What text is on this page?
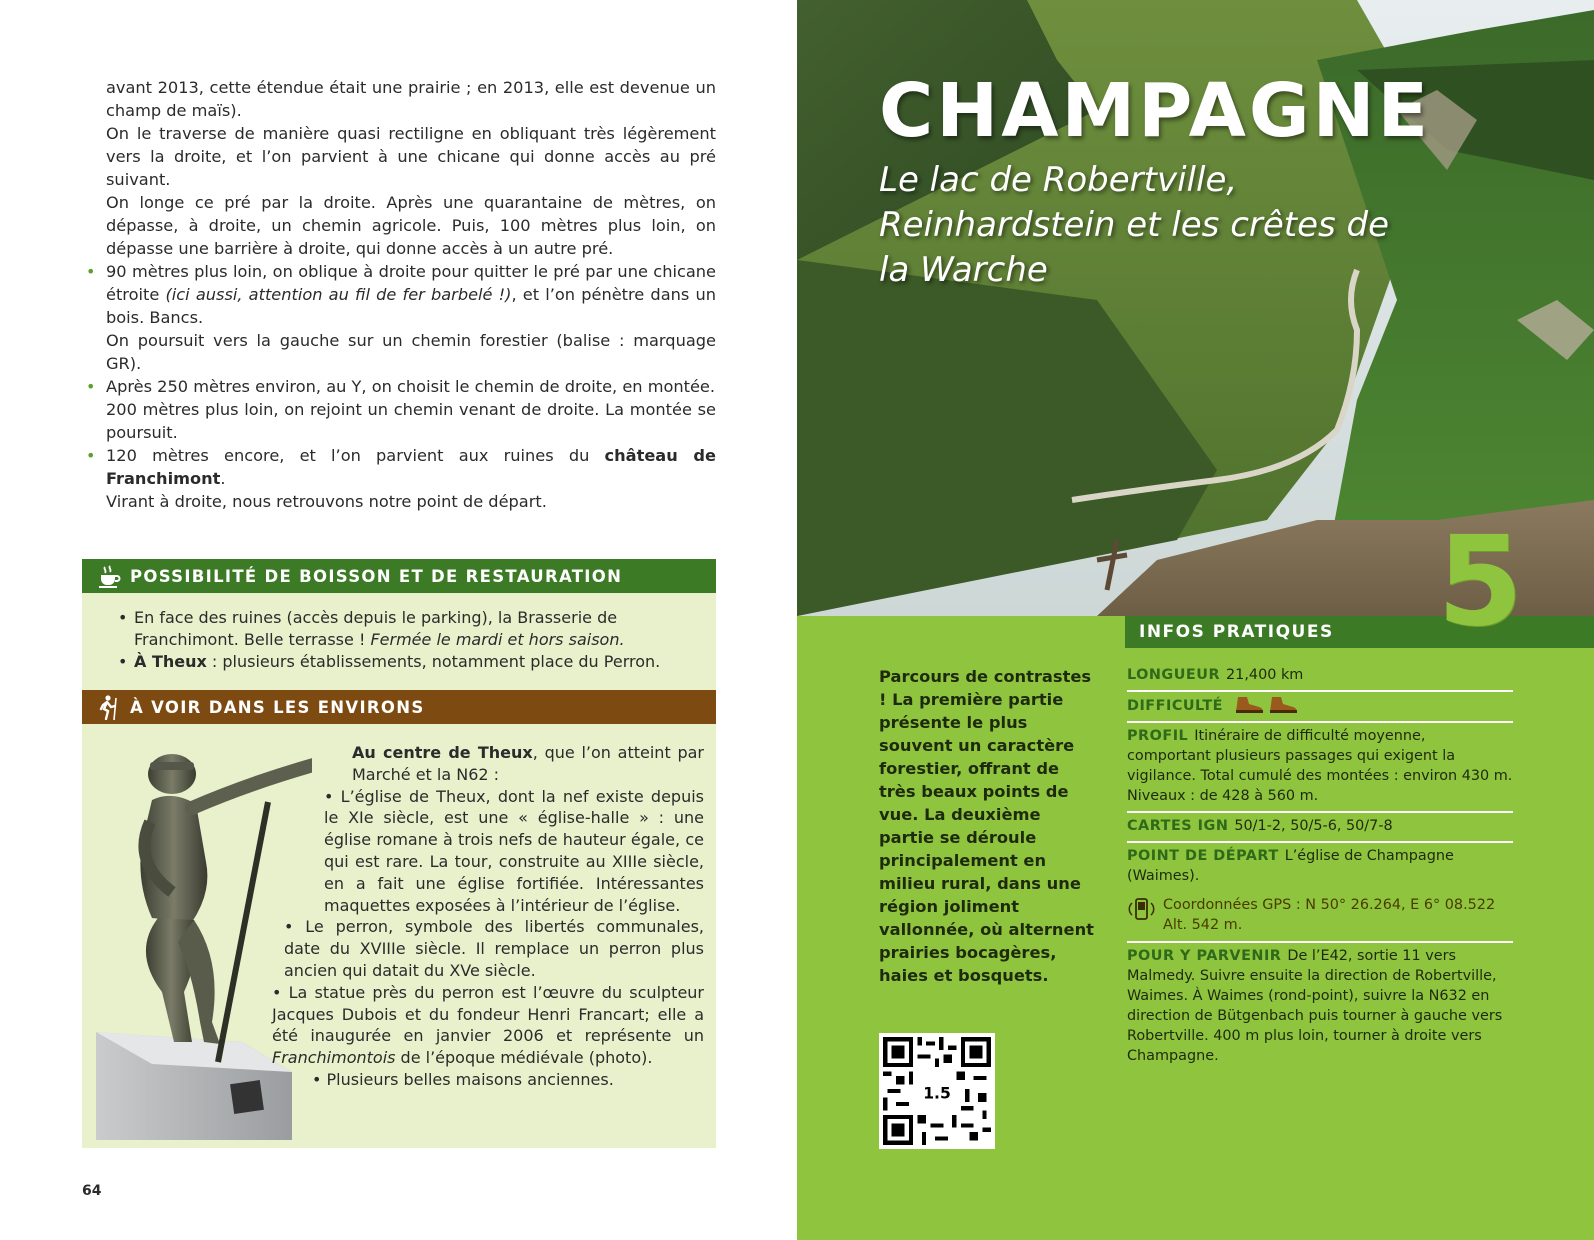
avant 2013, cette étendue était une prairie ; en 2013, elle est devenue un champ de maïs).

On le traverse de manière quasi rectiligne en obliquant très légèrement vers la droite, et l’on parvient à une chicane qui donne accès au pré suivant.

On longe ce pré par la droite. Après une quarantaine de mètres, on dépasse, à droite, un chemin agricole. Puis, 100 mètres plus loin, on dépasse une barrière à droite, qui donne accès à un autre pré.

• 90 mètres plus loin, on oblique à droite pour quitter le pré par une chicane étroite (ici aussi, attention au fil de fer barbelé !), et l’on pénètre dans un bois. Bancs.

On poursuit vers la gauche sur un chemin forestier (balise : marquage GR).

• Après 250 mètres environ, au Y, on choisit le chemin de droite, en montée.

200 mètres plus loin, on rejoint un chemin venant de droite. La montée se poursuit.

• 120 mètres encore, et l’on parvient aux ruines du château de Franchimont.

Virant à droite, nous retrouvons notre point de départ.

POSSIBILITÉ DE BOISSON ET DE RESTAURATION
• En face des ruines (accès depuis le parking), la Brasserie de Franchimont. Belle terrasse ! Fermée le mardi et hors saison.
• À Theux : plusieurs établissements, notamment place du Perron.
À VOIR DANS LES ENVIRONS

Au centre de Theux, que l’on atteint par Marché et la N62 :

• L’église de Theux, dont la nef existe depuis le XIe siècle, est une « église-halle » : une église romane à trois nefs de hauteur égale, ce qui est rare. La tour, construite au XIIIe siècle, en a fait une église fortifiée. Intéressantes maquettes exposées à l’intérieur de l’église.

• Le perron, symbole des libertés communales, date du XVIIIe siècle. Il remplace un perron plus ancien qui datait du XVe siècle.

• La statue près du perron est l’œuvre du sculpteur Jacques Dubois et du fondeur Henri Francart; elle a été inaugurée en janvier 2006 et représente un Franchimontois de l’époque médiévale (photo).

• Plusieurs belles maisons anciennes.

64
CHAMPAGNE
Le lac de Robertville, Reinhardstein et les crêtes de la Warche
INFOS PRATIQUES 5
Parcours de contrastes ! La première partie présente le plus souvent un caractère forestier, offrant de très beaux points de vue. La deuxième partie se déroule principalement en milieu rural, dans une région joliment vallonnée, où alternent prairies bocagères, haies et bosquets.
1.5
LONGUEUR 21,400 km
DIFFICULTÉ
PROFIL Itinéraire de difficulté moyenne, comportant plusieurs passages qui exigent la vigilance. Total cumulé des montées : environ 430 m. Niveaux : de 428 à 560 m.
CARTES IGN 50/1-2, 50/5-6, 50/7-8
POINT DE DÉPART L’église de Champagne (Waimes).
Coordonnées GPS : N 50° 26.264, E 6° 08.522
Alt. 542 m.
POUR Y PARVENIR De l’E42, sortie 11 vers Malmedy. Suivre ensuite la direction de Robertville, Waimes. À Waimes (rond-point), suivre la N632 en direction de Bütgenbach puis tourner à gauche vers Robertville. 400 m plus loin, tourner à droite vers Champagne.
